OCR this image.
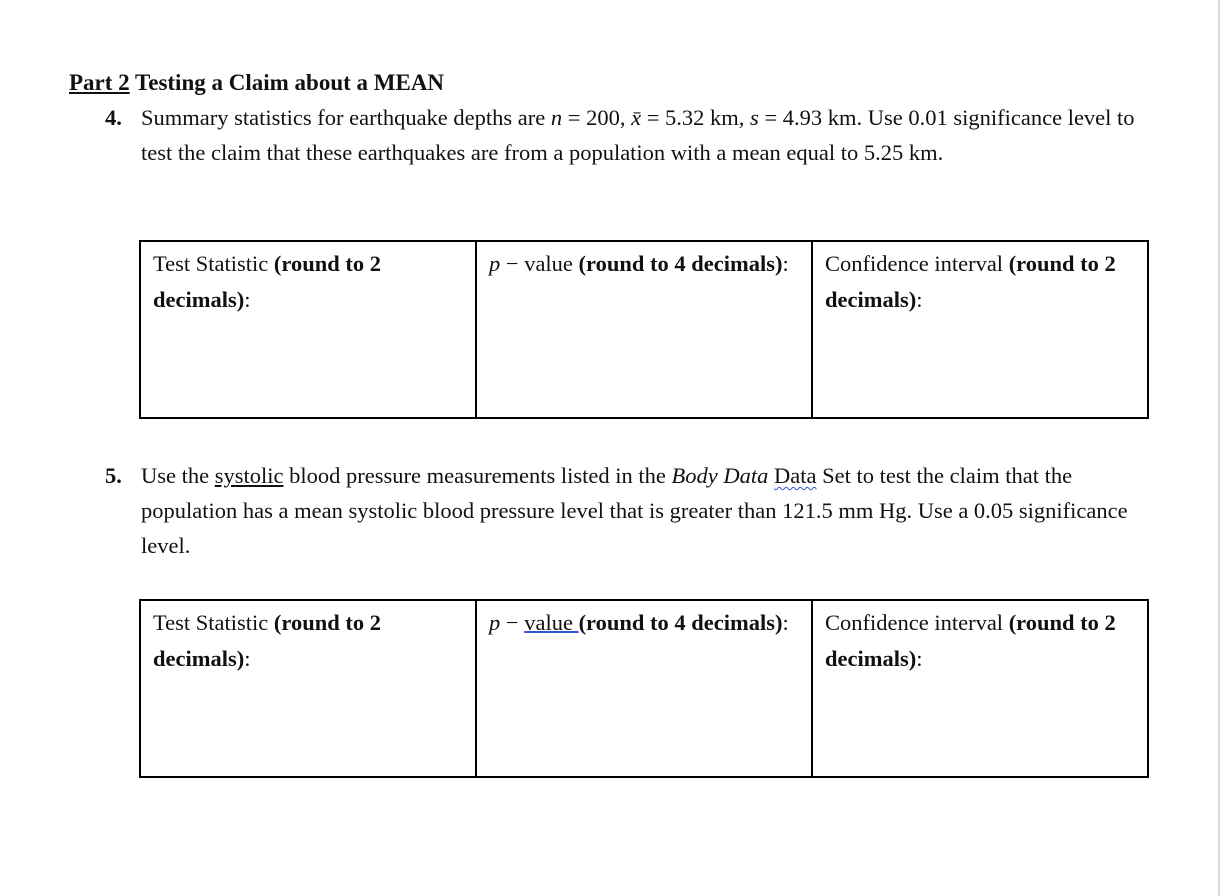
Part 2 Testing a Claim about a MEAN
4. Summary statistics for earthquake depths are n = 200, x̄ = 5.32 km, s = 4.93 km. Use 0.01 significance level to test the claim that these earthquakes are from a population with a mean equal to 5.25 km.
Test Statistic (round to 2 decimals):	p − value (round to 4 decimals):	Confidence interval (round to 2 decimals):
5. Use the systolic blood pressure measurements listed in the Body Data Data Set to test the claim that the population has a mean systolic blood pressure level that is greater than 121.5 mm Hg. Use a 0.05 significance level.
Test Statistic (round to 2 decimals):	p − value (round to 4 decimals):	Confidence interval (round to 2 decimals):
